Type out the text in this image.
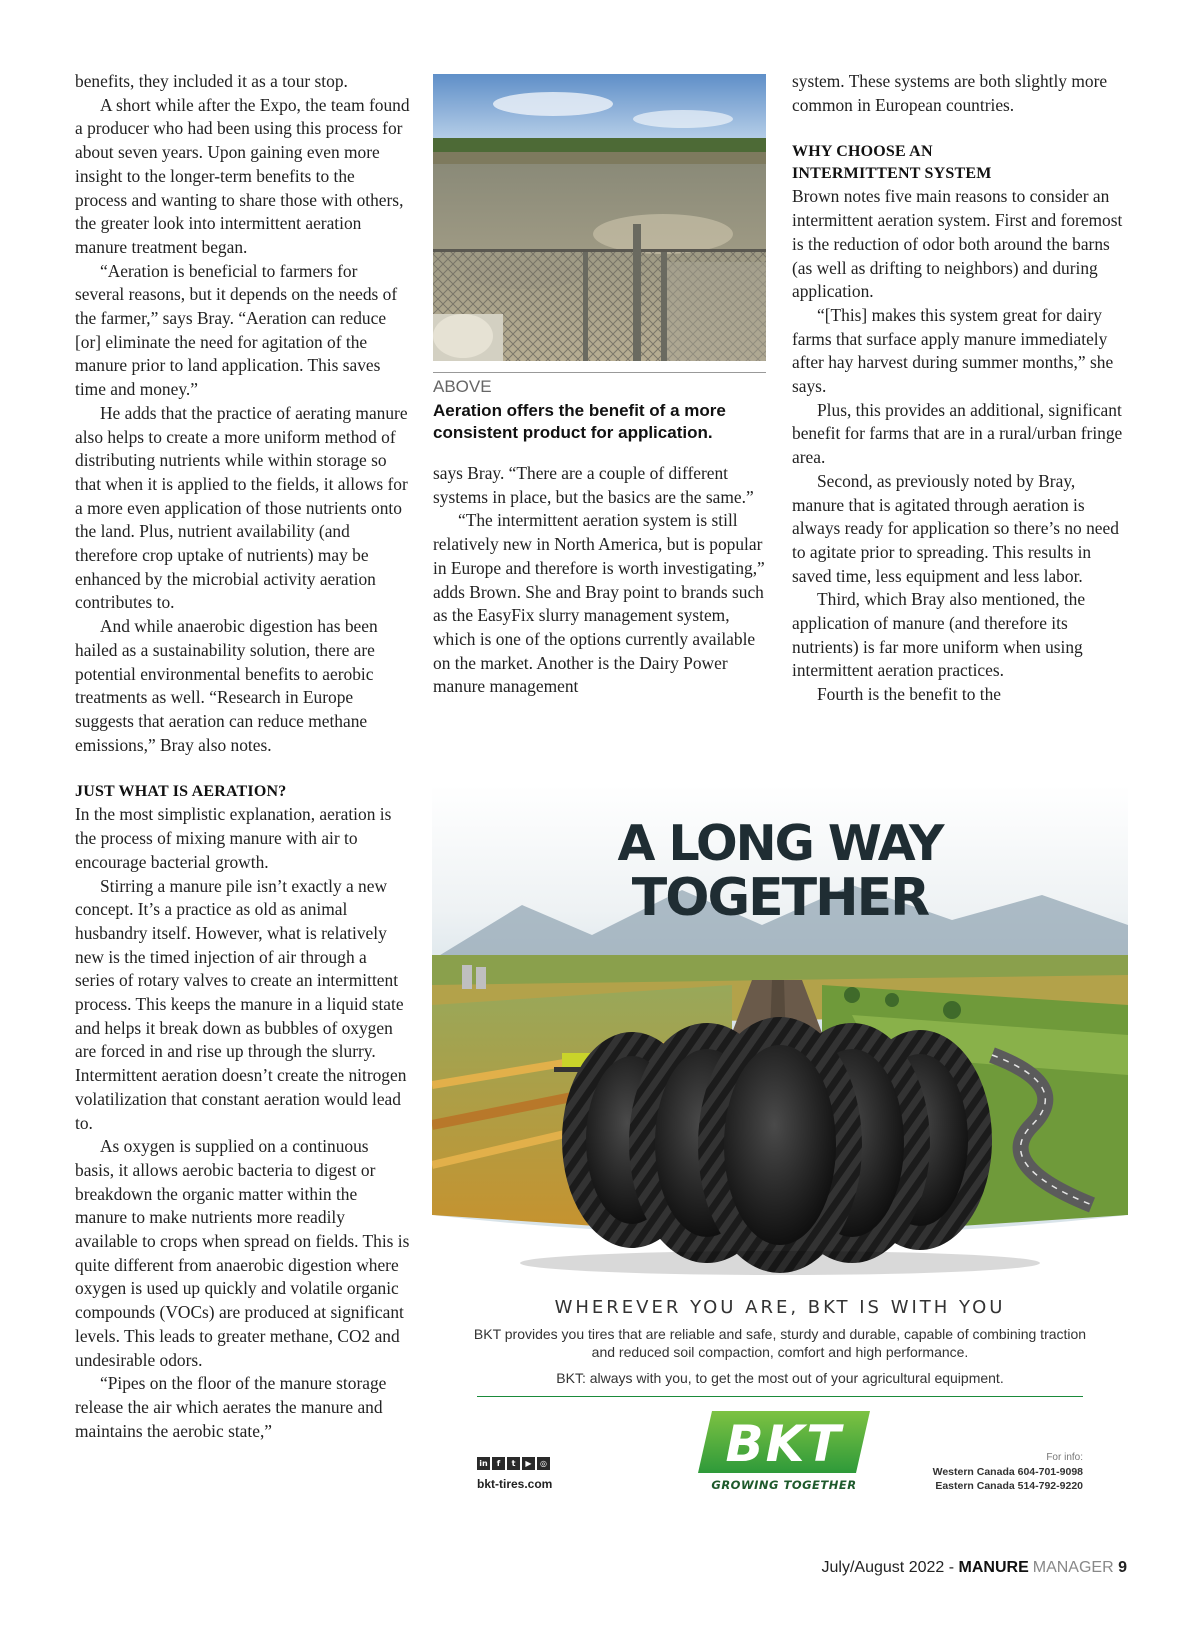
benefits, they included it as a tour stop.

A short while after the Expo, the team found a producer who had been using this process for about seven years. Upon gaining even more insight to the longer-term benefits to the process and wanting to share those with others, the greater look into intermittent aeration manure treatment began.

“Aeration is beneficial to farmers for several reasons, but it depends on the needs of the farmer,” says Bray. “Aeration can reduce [or] eliminate the need for agitation of the manure prior to land application. This saves time and money.”

He adds that the practice of aerating manure also helps to create a more uniform method of distributing nutrients while within storage so that when it is applied to the fields, it allows for a more even application of those nutrients onto the land. Plus, nutrient availability (and therefore crop uptake of nutrients) may be enhanced by the microbial activity aeration contributes to.

And while anaerobic digestion has been hailed as a sustainability solution, there are potential environmental benefits to aerobic treatments as well. “Research in Europe suggests that aeration can reduce methane emissions,” Bray also notes.

JUST WHAT IS AERATION?

In the most simplistic explanation, aeration is the process of mixing manure with air to encourage bacterial growth.

Stirring a manure pile isn’t exactly a new concept. It’s a practice as old as animal husbandry itself. However, what is relatively new is the timed injection of air through a series of rotary valves to create an intermittent process. This keeps the manure in a liquid state and helps it break down as bubbles of oxygen are forced in and rise up through the slurry. Intermittent aeration doesn’t create the nitrogen volatilization that constant aeration would lead to.

As oxygen is supplied on a continuous basis, it allows aerobic bacteria to digest or breakdown the organic matter within the manure to make nutrients more readily available to crops when spread on fields. This is quite different from anaerobic digestion where oxygen is used up quickly and volatile organic compounds (VOCs) are produced at significant levels. This leads to greater methane, CO2 and undesirable odors.

“Pipes on the floor of the manure storage release the air which aerates the manure and maintains the aerobic state,”

ABOVE
Aeration offers the benefit of a more consistent product for application.

says Bray. “There are a couple of different systems in place, but the basics are the same.”

“The intermittent aeration system is still relatively new in North America, but is popular in Europe and therefore is worth investigating,” adds Brown. She and Bray point to brands such as the EasyFix slurry management system, which is one of the options currently available on the market. Another is the Dairy Power manure management

system. These systems are both slightly more common in European countries.

WHY CHOOSE AN INTERMITTENT SYSTEM

Brown notes five main reasons to consider an intermittent aeration system. First and foremost is the reduction of odor both around the barns (as well as drifting to neighbors) and during application.

“[This] makes this system great for dairy farms that surface apply manure immediately after hay harvest during summer months,” she says.

Plus, this provides an additional, significant benefit for farms that are in a rural/urban fringe area.

Second, as previously noted by Bray, manure that is agitated through aeration is always ready for application so there’s no need to agitate prior to spreading. This results in saved time, less equipment and less labor.

Third, which Bray also mentioned, the application of manure (and therefore its nutrients) is far more uniform when using intermittent aeration practices.

Fourth is the benefit to the

A LONG WAY
TOGETHER
WHEREVER YOU ARE, BKT IS WITH YOU
BKT provides you tires that are reliable and safe, sturdy and durable, capable of combining traction and reduced soil compaction, comfort and high performance.
BKT: always with you, to get the most out of your agricultural equipment.
in	f	t	▶	◎
bkt-tires.com
BKT
GROWING TOGETHER
For info:
Western Canada 604-701-9098
Eastern Canada 514-792-9220
July/August 2022 - MANURE MANAGER 9
